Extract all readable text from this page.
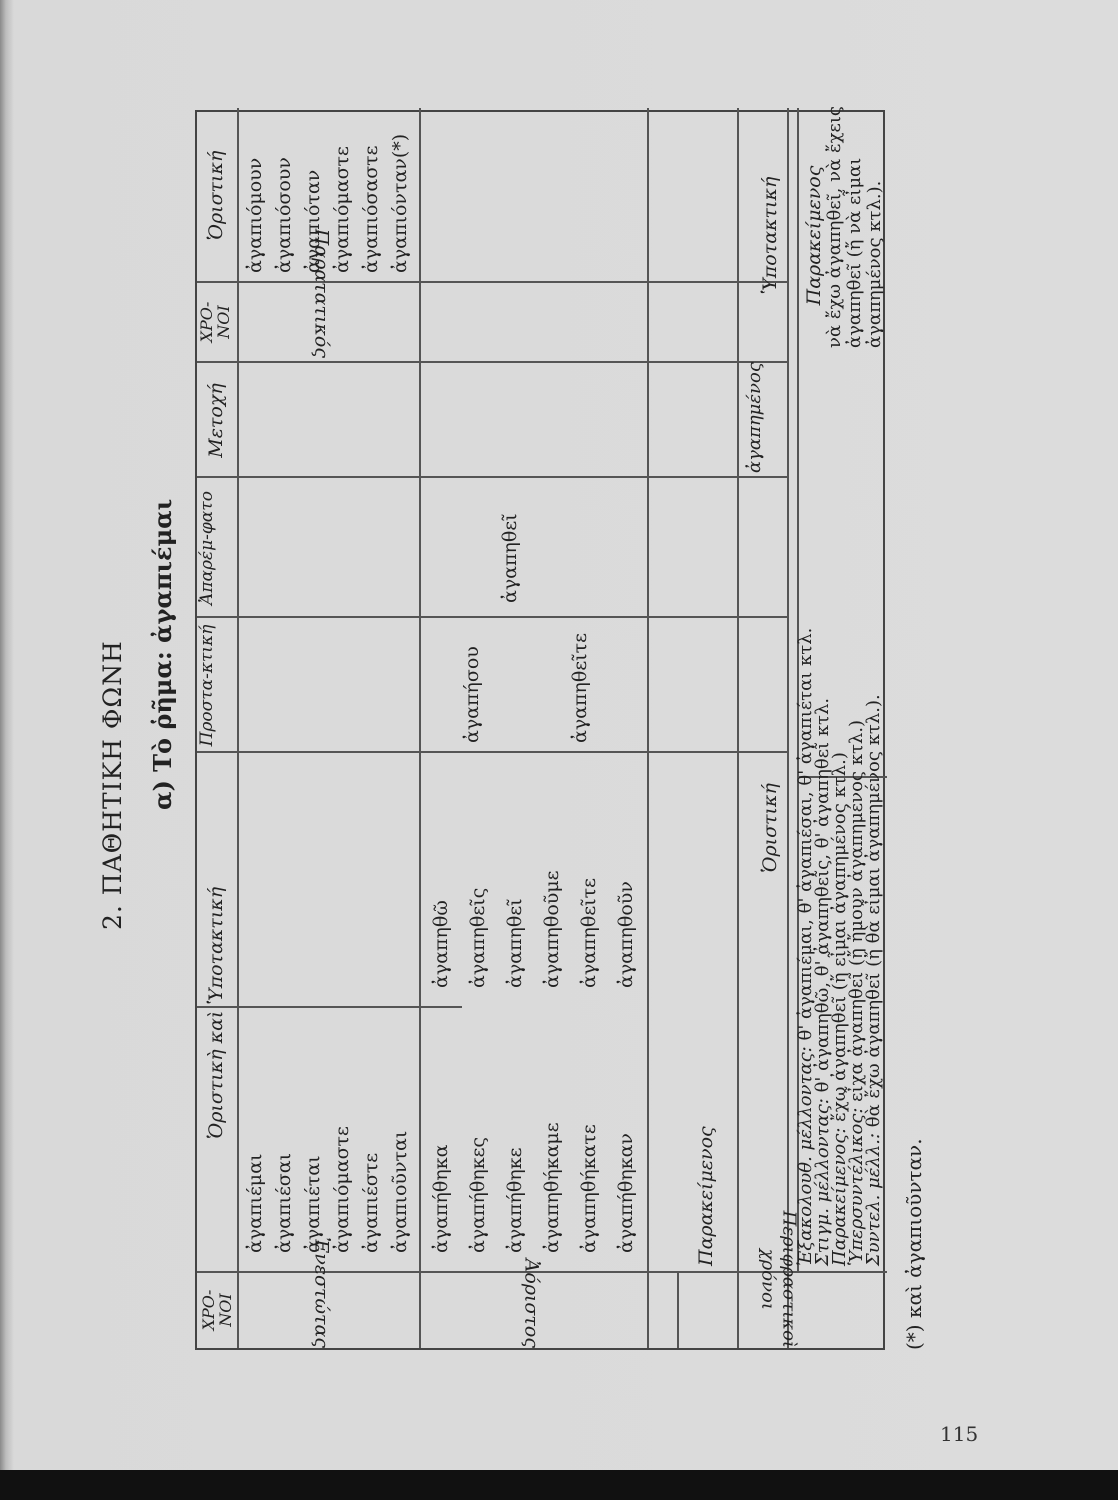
2. ΠΑΘΗΤΙΚΗ ΦΩΝΗ α) Τὸ ῥῆμα: ἀγαπιέμαι
ΧΡΟ-ΝΟΙ
Ὁριστικὴ καὶ Ὑποτακτική
Προστα-κτική
Ἀπαρέμ-φατο
Μετοχή
ΧΡΟ-ΝΟΙ
Ὁριστική
Ἐνεστώτας
ἀγαπιέμαι ἀγαπιέσαι ἀγαπιέται ἀγαπιόμαστε ἀγαπιέστε ἀγαπιοῦνται
Παρατατικός
ἀγαπιόμουν ἀγαπιόσουν ἀγαπιόταν ἀγαπιόμαστε ἀγαπιόσαστε ἀγαπιόνταν(*)
Ἀόριστος
ἀγαπήθηκα ἀγαπήθηκες ἀγαπήθηκε ἀγαπηθήκαμε ἀγαπηθήκατε ἀγαπήθηκαν
ἀγαπηθῶ ἀγαπηθεῖς ἀγαπηθεῖ ἀγαπηθοῦμε ἀγαπηθεῖτε ἀγαπηθοῦν
ἀγαπήσου	ἀγαπηθεῖτε
ἀγαπηθεῖ
Παρακείμενος
ἀγαπημένος
Περιφραστικοὶ χρόνοι
Ὁριστική
Ὑποτακτική
Ἐξακολουθ. μέλλοντας: θ' ἀγαπιέμαι, θ' ἀγαπιέσαι, θ' ἀγαπιέται κτλ.
Στιγμ. μέλλοντας: θ' ἀγαπηθῶ, θ' ἀγαπηθεῖς, θ' ἀγαπηθεῖ κτλ.
Παρακείμενος: ἔχω ἀγαπηθεῖ (ἤ εἶμαι ἀγαπημένος κτλ.)
Ὑπερσυντέλικος: εἶχα ἀγαπηθεῖ (ἤ ἤμουν ἀγαπημένος κτλ.)
Συντελ. μέλλ.: θὰ ἔχω ἀγαπηθεῖ (ἤ θὰ εἶμαι ἀγαπημένος κτλ.).
Παρακείμενος νὰ ἔχω ἀγαπηθεῖ, νὰ ἔχεις ἀγαπηθεῖ (ἤ νὰ εἶμαι ἀγαπημένος κτλ.).
(*) καὶ ἀγαπιοῦνταν.
115
